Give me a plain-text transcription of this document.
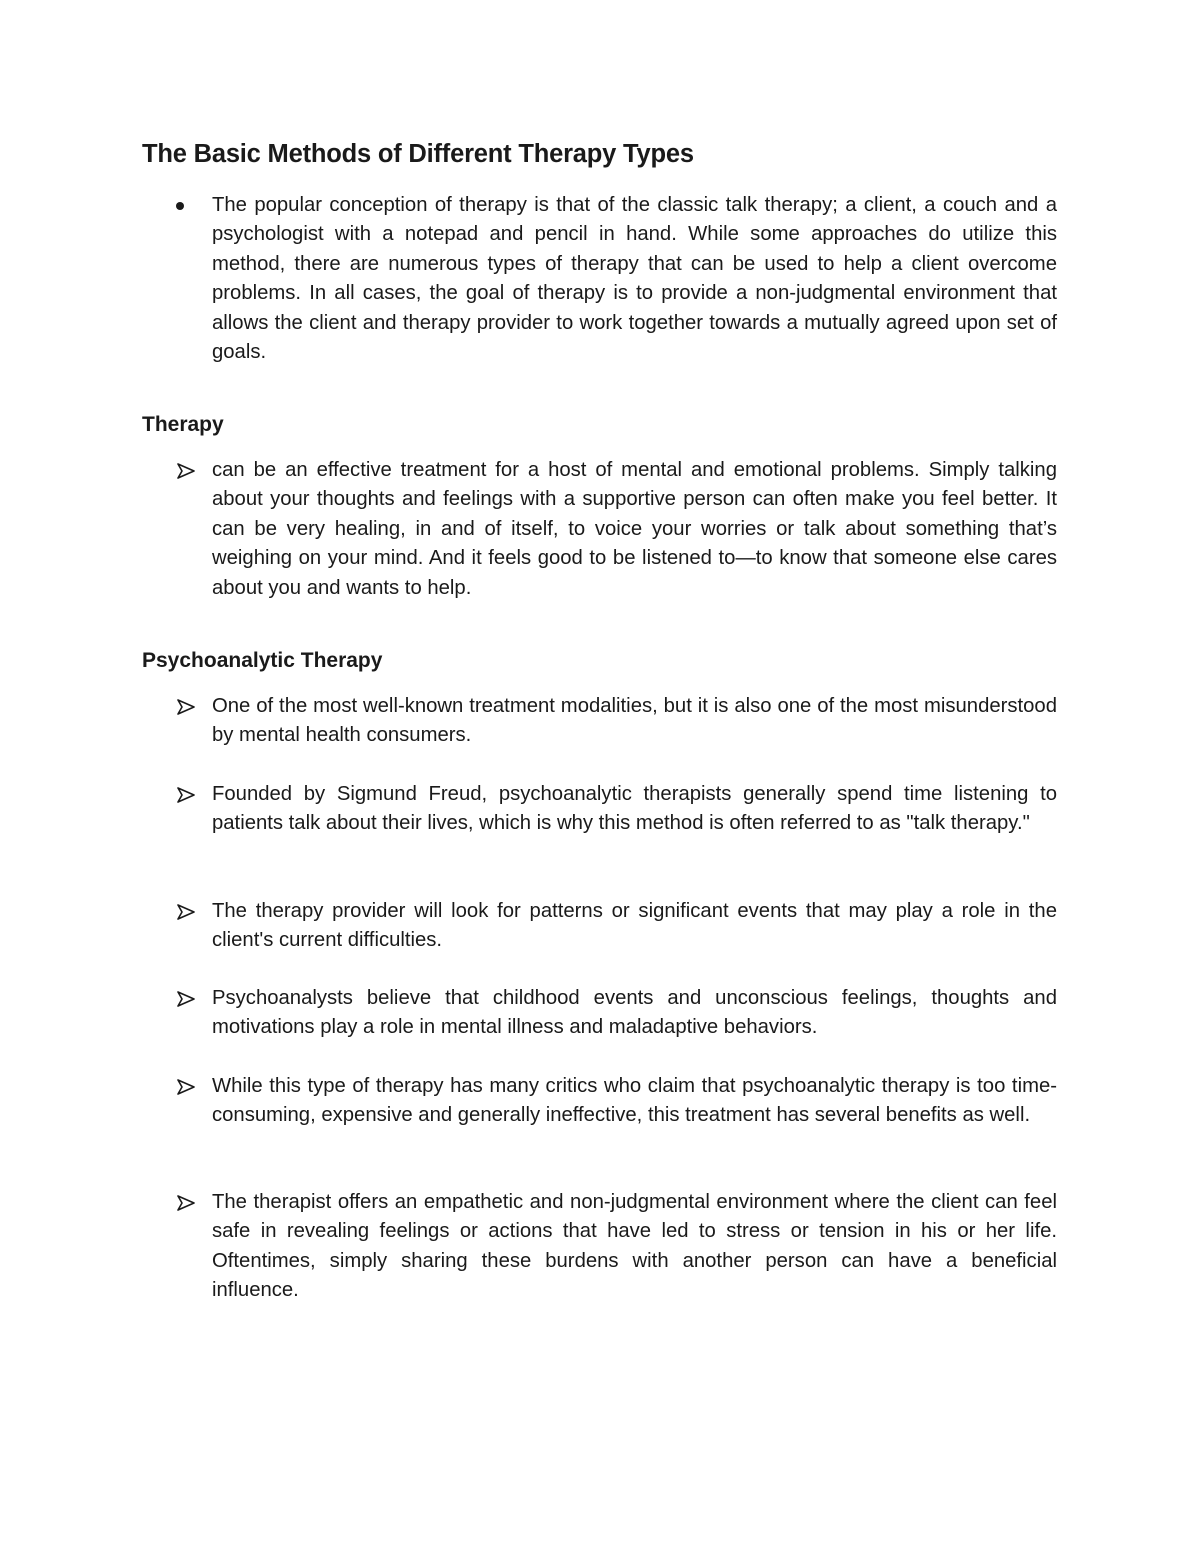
The Basic Methods of Different Therapy Types

The popular conception of therapy is that of the classic talk therapy; a client, a couch and a psychologist with a notepad and pencil in hand. While some approaches do utilize this method, there are numerous types of therapy that can be used to help a client overcome problems. In all cases, the goal of therapy is to provide a non-judgmental environment that allows the client and therapy provider to work together towards a mutually agreed upon set of goals.

Therapy

can be an effective treatment for a host of mental and emotional problems. Simply talking about your thoughts and feelings with a supportive person can often make you feel better. It can be very healing, in and of itself, to voice your worries or talk about something that’s weighing on your mind. And it feels good to be listened to—to know that someone else cares about you and wants to help.

Psychoanalytic Therapy

One of the most well-known treatment modalities, but it is also one of the most misunderstood by mental health consumers.

Founded by Sigmund Freud, psychoanalytic therapists generally spend time listening to patients talk about their lives, which is why this method is often referred to as "talk therapy."

The therapy provider will look for patterns or significant events that may play a role in the client's current difficulties.

Psychoanalysts believe that childhood events and unconscious feelings, thoughts and motivations play a role in mental illness and maladaptive behaviors.

While this type of therapy has many critics who claim that psychoanalytic therapy is too time-consuming, expensive and generally ineffective, this treatment has several benefits as well.

The therapist offers an empathetic and non-judgmental environment where the client can feel safe in revealing feelings or actions that have led to stress or tension in his or her life. Oftentimes, simply sharing these burdens with another person can have a beneficial influence.
